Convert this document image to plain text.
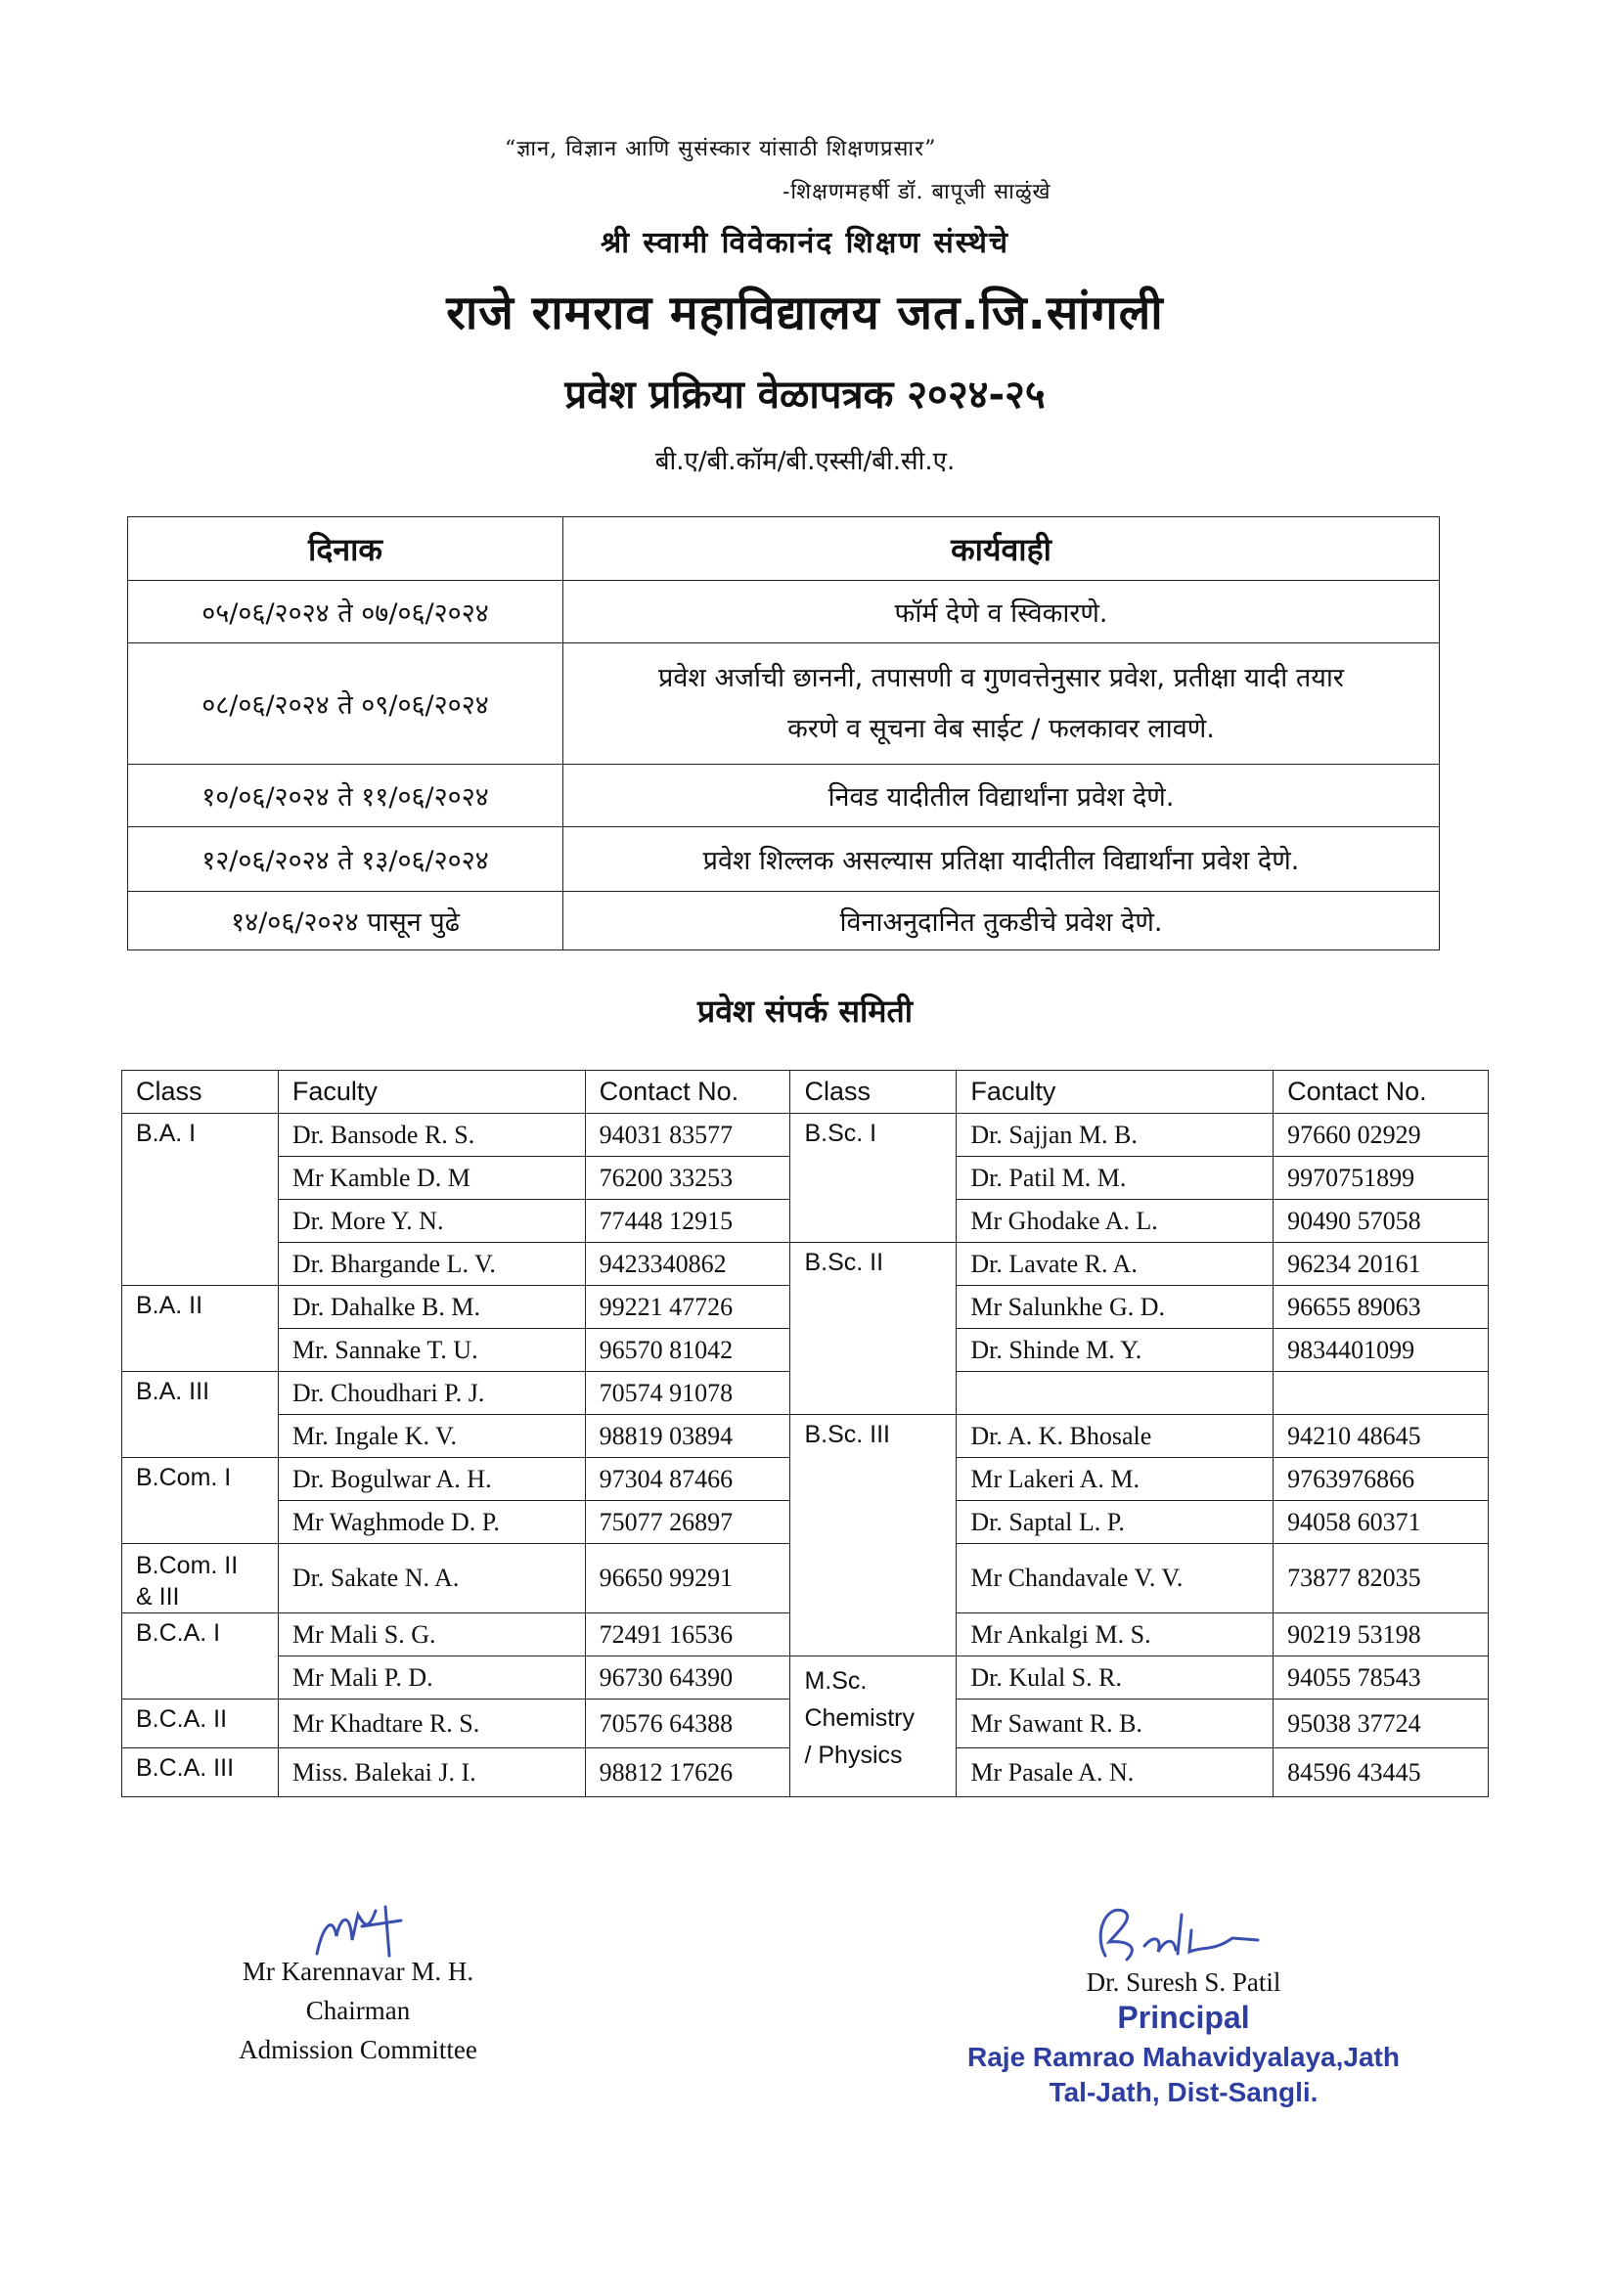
“ज्ञान, विज्ञान आणि सुसंस्कार यांसाठी शिक्षणप्रसार”
-शिक्षणमहर्षी डॉ. बापूजी साळुंखे
श्री स्वामी विवेकानंद शिक्षण संस्थेचे
राजे रामराव महाविद्यालय जत.जि.सांगली
प्रवेश प्रक्रिया वेळापत्रक २०२४-२५
बी.ए/बी.कॉम/बी.एस्सी/बी.सी.ए.
दिनाक	कार्यवाही
०५/०६/२०२४ ते ०७/०६/२०२४	फॉर्म देणे व स्विकारणे.
०८/०६/२०२४ ते ०९/०६/२०२४	प्रवेश अर्जाची छाननी, तपासणी व गुणवत्तेनुसार प्रवेश, प्रतीक्षा यादी तयार
करणे व सूचना वेब साईट / फलकावर लावणे.

१०/०६/२०२४ ते ११/०६/२०२४	निवड यादीतील विद्यार्थांना प्रवेश देणे.
१२/०६/२०२४ ते १३/०६/२०२४	प्रवेश शिल्लक असल्यास प्रतिक्षा यादीतील विद्यार्थांना प्रवेश देणे.
१४/०६/२०२४ पासून पुढे	विनाअनुदानित तुकडीचे प्रवेश देणे.
प्रवेश संपर्क समिती
Class	Faculty	Contact No.	Class	Faculty	Contact No.
B.A. I	Dr. Bansode R. S.	94031 83577	B.Sc. I	Dr. Sajjan M. B.	97660 02929
	Mr Kamble D. M	76200 33253		Dr. Patil M. M.	9970751899
	Dr. More Y. N.	77448 12915		Mr Ghodake A. L.	90490 57058
	Dr. Bhargande L. V.	9423340862	B.Sc. II	Dr. Lavate R. A.	96234 20161
B.A. II	Dr. Dahalke B. M.	99221 47726		Mr Salunkhe G. D.	96655 89063
	Mr. Sannake T. U.	96570 81042		Dr. Shinde M. Y.	9834401099
B.A. III	Dr. Choudhari P. J.	70574 91078			
	Mr. Ingale K. V.	98819 03894	B.Sc. III	Dr. A. K. Bhosale	94210 48645
B.Com. I	Dr. Bogulwar A. H.	97304 87466		Mr Lakeri A. M.	9763976866
	Mr Waghmode D. P.	75077 26897		Dr. Saptal L. P.	94058 60371

B.Com. II
& III	Dr. Sakate N. A.	96650 99291		Mr Chandavale V. V.	73877 82035
B.C.A. I	Mr Mali S. G.	72491 16536		Mr Ankalgi M. S.	90219 53198
	Mr Mali P. D.	96730 64390	M.Sc.
Chemistry
/ Physics	Dr. Kulal S. R.	94055 78543
B.C.A. II	Mr Khadtare R. S.	70576 64388		Mr Sawant R. B.	95038 37724
B.C.A. III	Miss. Balekai J. I.	98812 17626		Mr Pasale A. N.	84596 43445
Mr Karennavar M. H.
Chairman
Admission Committee
Dr. Suresh S. Patil
Principal
Raje Ramrao Mahavidyalaya,Jath
Tal-Jath, Dist-Sangli.
